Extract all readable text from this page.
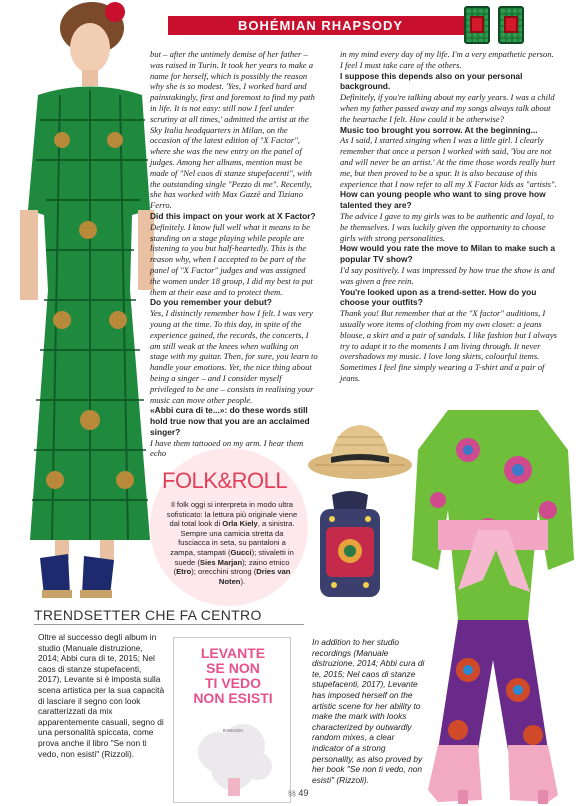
BOHÉMIAN RHAPSODY

but – after the untimely demise of her father – was raised in Turin. It took her years to make a name for herself, which is possibly the reason why she is so modest. 'Yes, I worked hard and painstakingly, first and foremost to find my path in life. It is not easy: still now I feel under scrutiny at all times,' admitted the artist at the Sky Italia headquarters in Milan, on the occasion of the latest edition of "X Factor", where she was the new entry on the panel of judges. Among her albums, mention must be made of "Nel caos di stanze stupefacenti", with the outstanding single "Pezzo di me". Recently, she has worked with Max Gazzè and Tiziano Ferro.

Did this impact on your work at X Factor?

Definitely. I know full well what it means to be standing on a stage playing while people are listening to you but half-heartedly. This is the reason why, when I accepted to be part of the panel of "X Factor" judges and was assigned the women under 18 group, I did my best to put them at their ease and to protect them.

Do you remember your debut?

Yes, I distinctly remember how I felt. I was very young at the time. To this day, in spite of the experience gained, the records, the concerts, I am still weak at the knees when walking on stage with my guitar. Then, for sure, you learn to handle your emotions. Yet, the nice thing about being a singer – and I consider myself privileged to be one – consists in realising your music can move other people.

«Abbi cura di te...»: do these words still hold true now that you are an acclaimed singer?

I have them tattooed on my arm. I hear them echo

in my mind every day of my life. I'm a very empathetic person. I feel I must take care of the others.

I suppose this depends also on your personal background.

Definitely, if you're talking about my early years. I was a child when my father passed away and my songs always talk about the heartache I felt. How could it be otherwise?

Music too brought you sorrow. At the beginning...

As I said, I started singing when I was a little girl. I clearly remember that once a person I worked with said, 'You are not and will never be an artist.' At the time those words really hurt me, but then proved to be a spur. It is also because of this experience that I now refer to all my X Factor kids as "artists".

How can young people who want to sing prove how talented they are?

The advice I gave to my girls was to be authentic and loyal, to be themselves. I was luckily given the opportunity to choose girls with strong personalities.

How would you rate the move to Milan to make such a popular TV show?

I'd say positively. I was impressed by how true the show is and was given a free rein.

You're looked upon as a trend-setter. How do you choose your outfits?

Thank you! But remember that at the "X factor" auditions, I usually wore items of clothing from my own closet: a jeans blouse, a skirt and a pair of sandals. I like fashion but I always try to adapt it to the moments I am living through. It never overshadows my music. I love long skirts, colourful items. Sometimes I feel fine simply wearing a T-shirt and a pair of jeans.

FOLK&ROLL
Il folk oggi si interpreta in modo ultra sofisticato: la lettura più originale viene dal total look di Orla Kiely, a sinistra. Sempre una camicia stretta da fusciacca in seta, su pantaloni a zampa, stampati (Gucci); stivaletti in suede (Sies Marjan); zaino etnico (Etro); orecchini strong (Dries van Noten).
TRENDSETTER CHE FA CENTRO
Oltre al successo degli album in studio (Manuale distruzione, 2014; Abbi cura di te, 2015; Nel caos di stanze stupefacenti, 2017), Levante si è imposta sulla scena artistica per la sua capacità di lasciare il segno con look caratterizzati da mix apparentemente casuali, segno di una personalità spiccata, come prova anche il libro "Se non ti vedo, non esisti" (Rizzoli).
In addition to her studio recordings (Manuale distruzione, 2014; Abbi cura di te, 2015; Nel caos di stanze stupefacenti, 2017), Levante has imposed herself on the artistic scene for her ability to make the mark with looks characterized by outwardly random mixes, a clear indicator of a strong personality, as also proved by her book "Se non ti vedo, non esisti" (Rizzoli).
LEVANTE
SE NON
TI VEDO
NON ESISTI
ROMANZO
§§ 49
